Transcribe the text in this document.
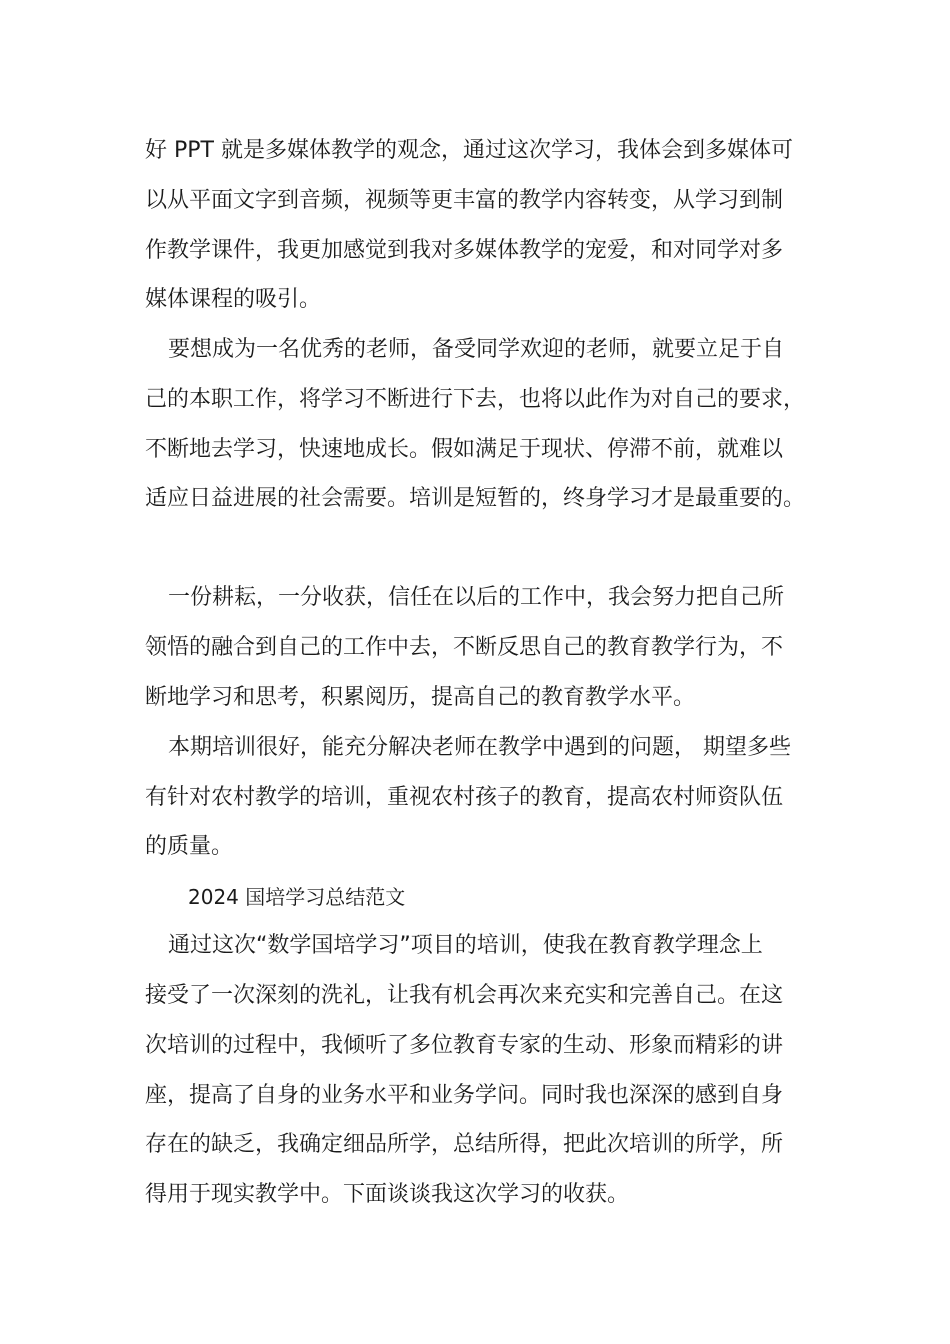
好 PPT 就是多媒体教学的观念，通过这次学习，我体会到多媒体可

以从平面文字到音频，视频等更丰富的教学内容转变，从学习到制

作教学课件，我更加感觉到我对多媒体教学的宠爱，和对同学对多

媒体课程的吸引。

要想成为一名优秀的老师，备受同学欢迎的老师，就要立足于自

己的本职工作，将学习不断进行下去，也将以此作为对自己的要求，

不断地去学习，快速地成长。假如满足于现状、停滞不前，就难以

适应日益进展的社会需要。培训是短暂的，终身学习才是最重要的。

一份耕耘，一分收获，信任在以后的工作中，我会努力把自己所

领悟的融合到自己的工作中去，不断反思自己的教育教学行为，不

断地学习和思考，积累阅历，提高自己的教育教学水平。

本期培训很好，能充分解决老师在教学中遇到的问题， 期望多些

有针对农村教学的培训，重视农村孩子的教育，提高农村师资队伍

的质量。

2024 国培学习总结范文

通过这次“数学国培学习”项目的培训，使我在教育教学理念上

接受了一次深刻的洗礼，让我有机会再次来充实和完善自己。在这

次培训的过程中，我倾听了多位教育专家的生动、形象而精彩的讲

座，提高了自身的业务水平和业务学问。同时我也深深的感到自身

存在的缺乏，我确定细品所学，总结所得，把此次培训的所学，所

得用于现实教学中。下面谈谈我这次学习的收获。
